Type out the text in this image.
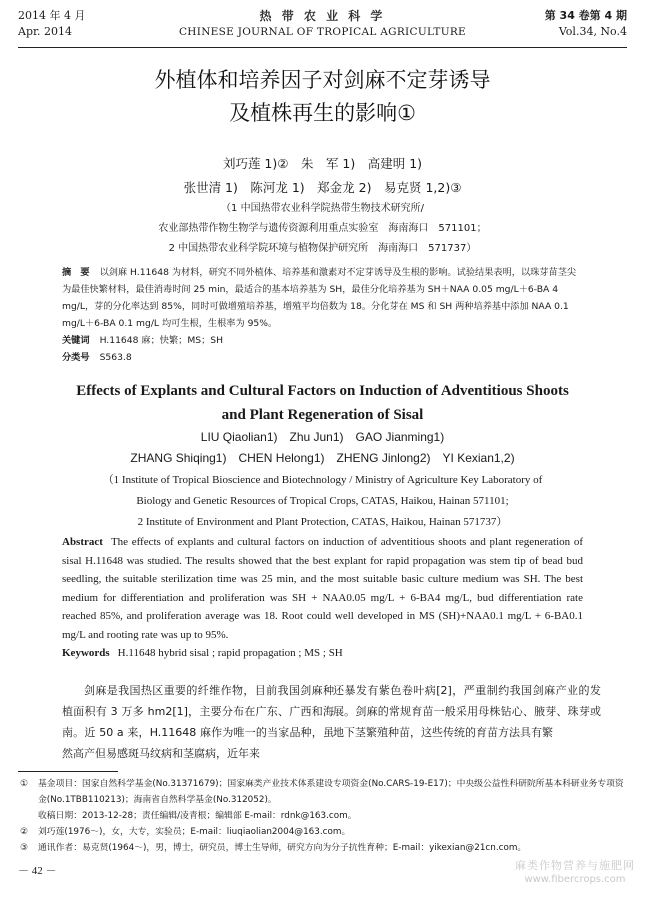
2014 年 4 月
Apr. 2014
热 带 农 业 科 学
CHINESE JOURNAL OF TROPICAL AGRICULTURE
第 34 卷第 4 期
Vol.34, No.4
外植体和培养因子对剑麻不定芽诱导
及植株再生的影响①
刘巧莲 1)②　朱　军 1)　高建明 1)
张世清 1)　陈河龙 1)　郑金龙 2)　易克贤 1,2)③
（1 中国热带农业科学院热带生物技术研究所/
农业部热带作物生物学与遗传资源利用重点实验室　海南海口　571101；
2 中国热带农业科学院环境与植物保护研究所　海南海口　571737）
摘　要 以剑麻 H.11648 为材料，研究不同外植体、培养基和激素对不定芽诱导及生根的影响。试验结果表明，以珠芽苗茎尖为最佳快繁材料，最佳消毒时间 25 min，最适合的基本培养基为 SH，最佳分化培养基为 SH＋NAA 0.05 mg/L＋6-BA 4 mg/L，芽的分化率达到 85%，同时可做增殖培养基，增殖平均倍数为 18。分化芽在 MS 和 SH 两种培养基中添加 NAA 0.1 mg/L＋6-BA 0.1 mg/L 均可生根，生根率为 95%。
关键词 H.11648 麻；快繁；MS；SH
分类号 S563.8
Effects of Explants and Cultural Factors on Induction of Adventitious Shoots
and Plant Regeneration of Sisal
LIU Qiaolian1)　Zhu Jun1)　GAO Jianming1)
ZHANG Shiqing1)　CHEN Helong1)　ZHENG Jinlong2)　YI Kexian1,2)
（1 Institute of Tropical Bioscience and Biotechnology / Ministry of Agriculture Key Laboratory of
Biology and Genetic Resources of Tropical Crops, CATAS, Haikou, Hainan 571101;
2 Institute of Environment and Plant Protection, CATAS, Haikou, Hainan 571737）
Abstract The effects of explants and cultural factors on induction of adventitious shoots and plant regeneration of sisal H.11648 was studied. The results showed that the best explant for rapid propagation was stem tip of bead bud seedling, the suitable sterilization time was 25 min, and the most suitable basic culture medium was SH. The best medium for differentiation and proliferation was SH + NAA0.05 mg/L + 6-BA4 mg/L, bud differentiation rate reached 85%, and proliferation average was 18. Root could well developed in MS (SH)+NAA0.1 mg/L + 6-BA0.1 mg/L and rooting rate was up to 95%.
Keywords H.11648 hybrid sisal ; rapid propagation ; MS ; SH

剑麻是我国热区重要的纤维作物，目前我国剑麻种植面积有 3 万多 hm2[1]，主要分布在广东、广西和海南。近 50 a 来，H.11648 麻作为唯一的当家品种，虽然高产但易感斑马纹病和茎腐病，近年来

还暴发有紫色卷叶病[2]，严重制约我国剑麻产业的发展。剑麻的常规育苗一般采用母株钻心、腋芽、珠芽或地下茎繁殖种苗，这些传统的育苗方法具有繁

① 基金项目：国家自然科学基金(No.31371679)；国家麻类产业技术体系建设专项资金(No.CARS-19-E17)；中央级公益性科研院所基本科研业务专项资金(No.1TBB110213)；海南省自然科学基金(No.312052)。
收稿日期：2013-12-28；责任编辑/凌青根；编辑部 E-mail：rdnk@163.com。
② 刘巧莲(1976～)，女，大专，实验员；E-mail：liuqiaolian2004@163.com。
③ 通讯作者：易克贤(1964～)，男，博士，研究员，博士生导师，研究方向为分子抗性育种；E-mail：yikexian@21cn.com。
－ 42 －	麻类作物营养与施肥网
www.fibercrops.com
